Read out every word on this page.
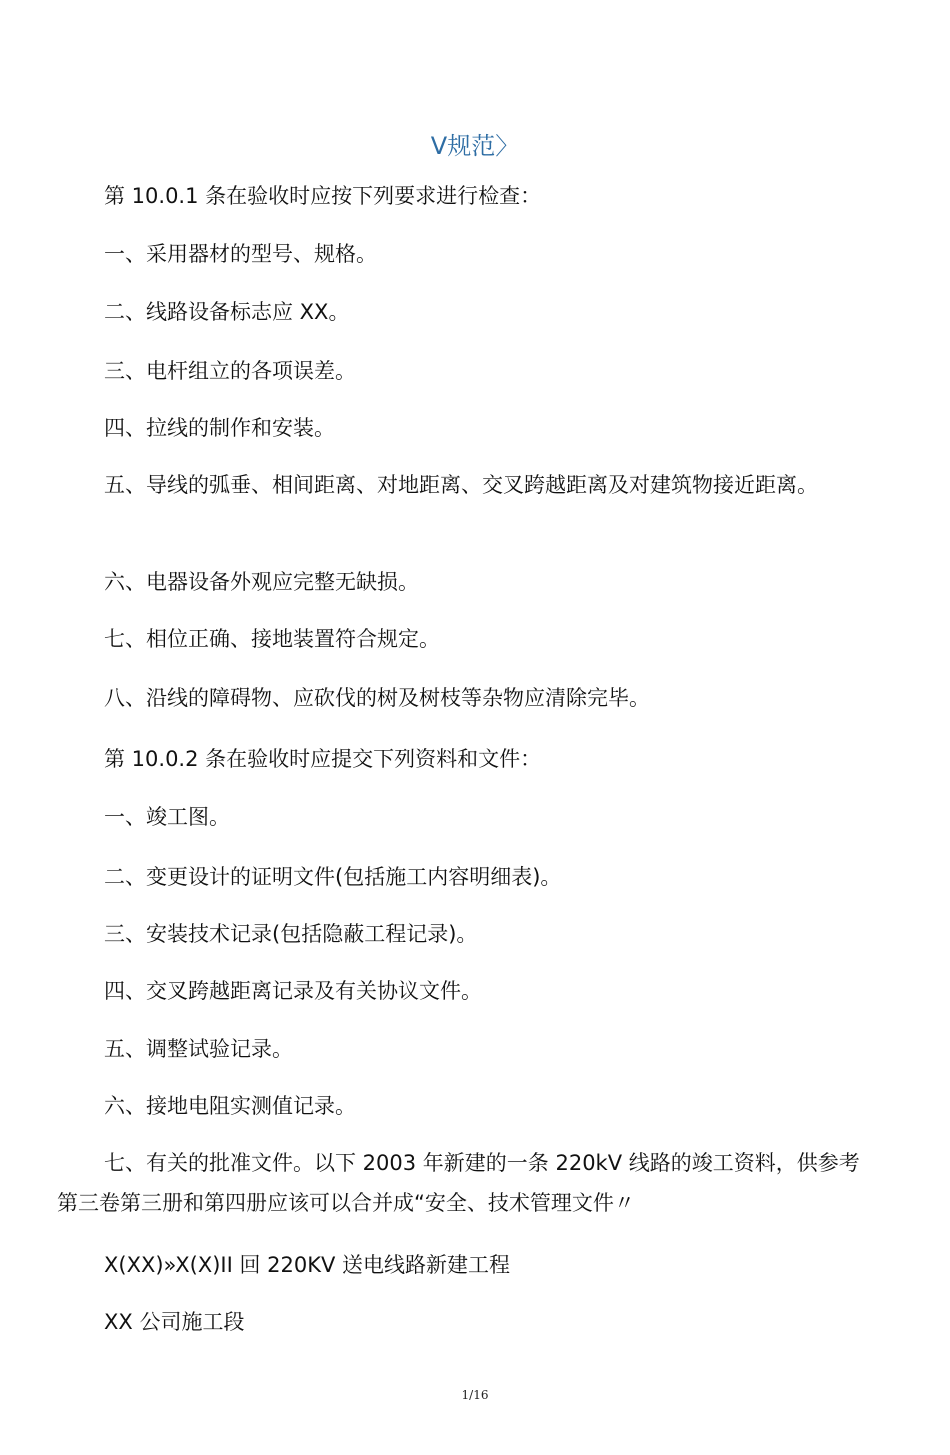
V规范〉
第 10.0.1 条在验收时应按下列要求进行检查：
一、采用器材的型号、规格。
二、线路设备标志应 XX。
三、电杆组立的各项误差。
四、拉线的制作和安装。
五、导线的弧垂、相间距离、对地距离、交叉跨越距离及对建筑物接近距离。
六、电器设备外观应完整无缺损。
七、相位正确、接地装置符合规定。
八、沿线的障碍物、应砍伐的树及树枝等杂物应清除完毕。
第 10.0.2 条在验收时应提交下列资料和文件：
一、竣工图。
二、变更设计的证明文件(包括施工内容明细表)。
三、安装技术记录(包括隐蔽工程记录)。
四、交叉跨越距离记录及有关协议文件。
五、调整试验记录。
六、接地电阻实测值记录。
七、有关的批准文件。以下 2003 年新建的一条 220kV 线路的竣工资料，供参考第三卷第三册和第四册应该可以合并成“安全、技术管理文件〃
X(XX)»X(X)II 回 220KV 送电线路新建工程
XX 公司施工段
1/16
